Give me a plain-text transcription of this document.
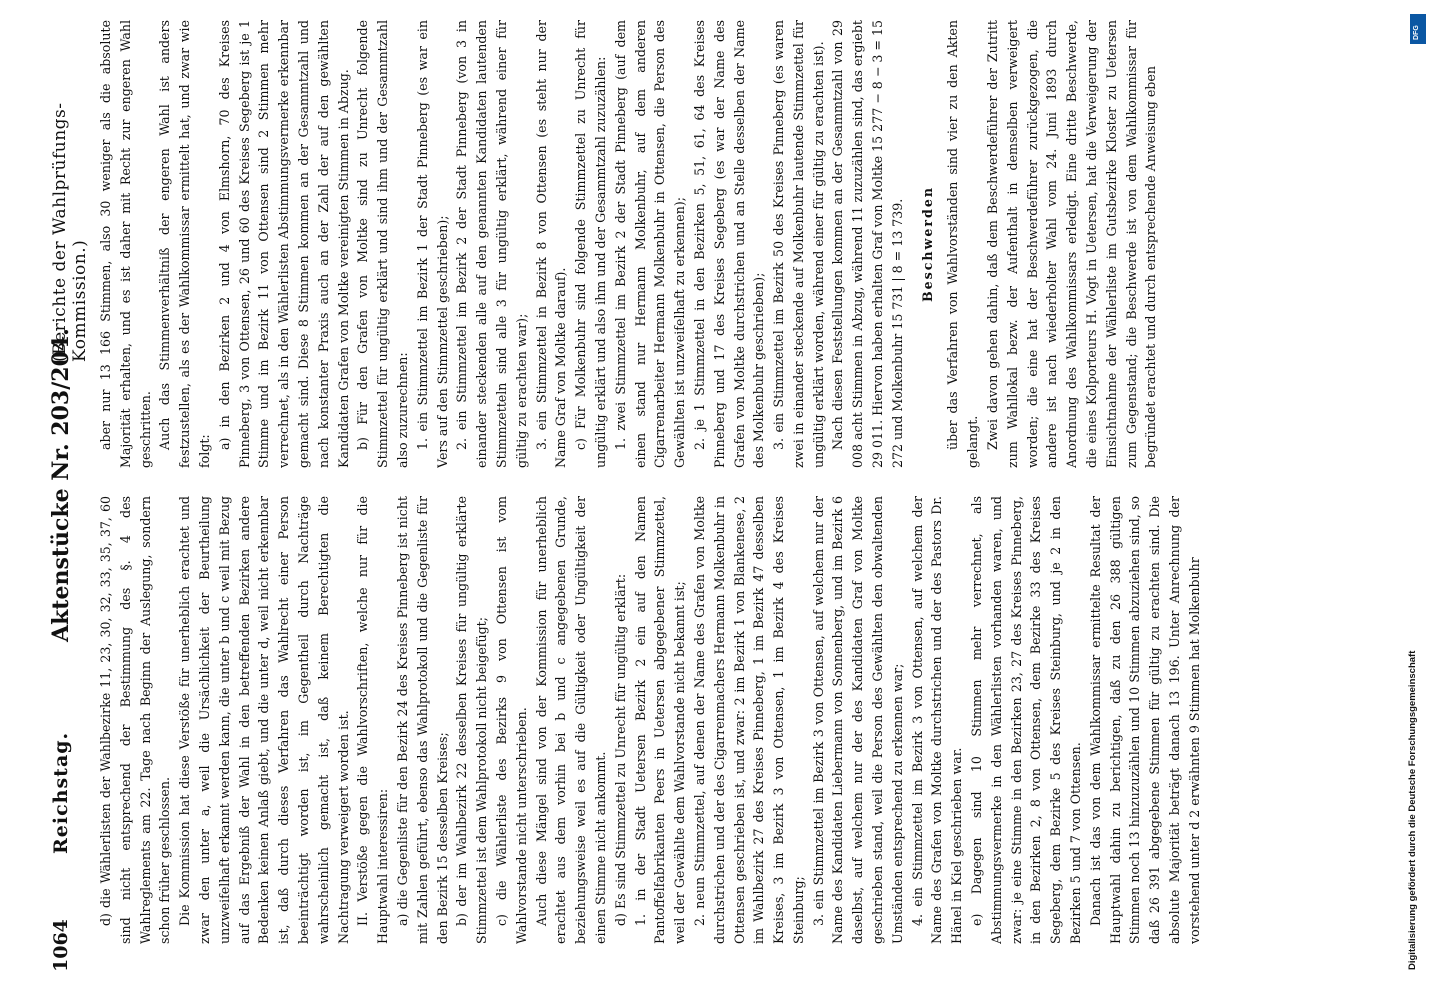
1064
Reichstag.
Aktenstücke Nr. 203/204.
(Berichte der Wahlprüfungs-Kommission.)

d) die Wählerlisten der Wahlbezirke 11, 23, 30, 32, 33, 35, 37, 60 sind nicht entsprechend der Bestimmung des §. 4 des Wahlreglements am 22. Tage nach Beginn der Auslegung, sondern schon früher geschlossen. Die Kommission hat diese Verstöße für unerheblich erachtet und zwar den unter a, weil die Ursächlichkeit der Beurtheilung unzweifelhaft erkannt werden kann, die unter b und c weil mit Bezug auf das Ergebniß der Wahl in den betreffenden Bezirken andere Bedenken keinen Anlaß giebt, und die unter d, weil nicht erkennbar ist, daß durch dieses Verfahren das Wahlrecht einer Person beeinträchtigt worden ist, im Gegentheil durch Nachträge wahrscheinlich gemacht ist, daß keinem Berechtigten die Nachtragung verweigert worden ist. II. Verstöße gegen die Wahlvorschriften, welche nur für die Hauptwahl interessiren: a) die Gegenliste für den Bezirk 24 des Kreises Pinneberg ist nicht mit Zahlen geführt, ebenso das Wahlprotokoll und die Gegenliste für den Bezirk 15 desselben Kreises; b) der im Wahlbezirk 22 desselben Kreises für ungültig erklärte Stimmzettel ist dem Wahlprotokoll nicht beigefügt; c) die Wählerliste des Bezirks 9 von Ottensen ist vom Wahlvorstande nicht unterschrieben. Auch diese Mängel sind von der Kommission für unerheblich erachtet aus dem vorhin bei b und c angegebenen Grunde, beziehungsweise weil es auf die Gültigkeit oder Ungültigkeit der einen Stimme nicht ankommt. d) Es sind Stimmzettel zu Unrecht für ungültig erklärt: 1. in der Stadt Uetersen Bezirk 2 ein auf den Namen Pantoffelfabrikanten Peers in Uetersen abgegebener Stimmzettel, weil der Gewählte dem Wahlvorstande nicht bekannt ist; 2. neun Stimmzettel, auf denen der Name des Grafen von Moltke durchstrichen und der des Cigarrenmachers Hermann Molkenbuhr in Ottensen geschrieben ist, und zwar: 2 im Bezirk 1 von Blankenese, 2 im Wahlbezirk 27 des Kreises Pinneberg, 1 im Bezirk 47 desselben Kreises, 3 im Bezirk 3 von Ottensen, 1 im Bezirk 4 des Kreises Steinburg; 3. ein Stimmzettel im Bezirk 3 von Ottensen, auf welchem nur der Name des Kandidaten Liebermann von Sonnenberg, und im Bezirk 6 daselbst, auf welchem nur der des Kandidaten Graf von Moltke geschrieben stand, weil die Person des Gewählten den obwaltenden Umständen entsprechend zu erkennen war; 4. ein Stimmzettel im Bezirk 3 von Ottensen, auf welchem der Name des Grafen von Moltke durchstrichen und der des Pastors Dr. Hänel in Kiel geschrieben war. e) Dagegen sind 10 Stimmen mehr verrechnet, als Abstimmungsvermerke in den Wählerlisten vorhanden waren, und zwar: je eine Stimme in den Bezirken 23, 27 des Kreises Pinneberg, in den Bezirken 2, 8 von Ottensen, dem Bezirke 33 des Kreises Segeberg, dem Bezirke 5 des Kreises Steinburg, und je 2 in den Bezirken 5 und 7 von Ottensen. Danach ist das von dem Wahlkommissar ermittelte Resultat der Hauptwahl dahin zu berichtigen, daß zu den 26 388 gültigen Stimmen noch 13 hinzuzuzählen und 10 Stimmen abzuziehen sind, so daß 26 391 abgegebene Stimmen für gültig zu erachten sind. Die absolute Majorität beträgt danach 13 196. Unter Anrechnung der vorstehend unter d 2 erwähnten 9 Stimmen hat Molkenbuhr

aber nur 13 166 Stimmen, also 30 weniger als die absolute Majorität erhalten, und es ist daher mit Recht zur engeren Wahl geschritten. Auch das Stimmenverhältniß der engeren Wahl ist anders festzustellen, als es der Wahlkommissar ermittelt hat, und zwar wie folgt:

a) in den Bezirken 2 und 4 von Elmshorn, 70 des Kreises Pinneberg, 3 von Ottensen, 26 und 60 des Kreises Segeberg ist je 1 Stimme und im Bezirk 11 von Ottensen sind 2 Stimmen mehr verrechnet, als in den Wählerlisten Abstimmungsvermerke erkennbar gemacht sind. Diese 8 Stimmen kommen an der Gesammtzahl und nach konstanter Praxis auch an der Zahl der auf den gewählten Kandidaten Grafen von Moltke vereinigten Stimmen in Abzug. b) Für den Grafen von Moltke sind zu Unrecht folgende Stimmzettel für ungültig erklärt und sind ihm und der Gesammtzahl also zuzurechnen: 1. ein Stimmzettel im Bezirk 1 der Stadt Pinneberg (es war ein Vers auf den Stimmzettel geschrieben); 2. ein Stimmzettel im Bezirk 2 der Stadt Pinneberg (von 3 in einander steckenden alle auf den genannten Kandidaten lautenden Stimmzetteln sind alle 3 für ungültig erklärt, während einer für gültig zu erachten war); 3. ein Stimmzettel in Bezirk 8 von Ottensen (es steht nur der Name Graf von Moltke darauf). c) Für Molkenbuhr sind folgende Stimmzettel zu Unrecht für ungültig erklärt und also ihm und der Gesammtzahl zuzuzählen: 1. zwei Stimmzettel im Bezirk 2 der Stadt Pinneberg (auf dem einen stand nur Hermann Molkenbuhr, auf dem anderen Cigarrenarbeiter Hermann Molkenbuhr in Ottensen, die Person des Gewählten ist unzweifelhaft zu erkennen); 2. je 1 Stimmzettel in den Bezirken 5, 51, 61, 64 des Kreises Pinneberg und 17 des Kreises Segeberg (es war der Name des Grafen von Moltke durchstrichen und an Stelle desselben der Name des Molkenbuhr geschrieben); 3. ein Stimmzettel im Bezirk 50 des Kreises Pinneberg (es waren zwei in einander steckende auf Molkenbuhr lautende Stimmzettel für ungültig erklärt worden, während einer für gültig zu erachten ist). Nach diesen Feststellungen kommen an der Gesammtzahl von 29 008 acht Stimmen in Abzug, während 11 zuzuzählen sind, das ergiebt 29 011. Hiervon haben erhalten Graf von Moltke 15 277 − 8 − 3 = 15 272 und Molkenbuhr 15 731 | 8 = 13 739. Beschwerden über das Verfahren von Wahlvorständen sind vier zu den Akten gelangt. Zwei davon gehen dahin, daß dem Beschwerdeführer der Zutritt zum Wahllokal bezw. der Aufenthalt in demselben verweigert worden; die eine hat der Beschwerdeführer zurückgezogen, die andere ist nach wiederholter Wahl vom 24. Juni 1893 durch Anordnung des Wahlkommissars erledigt. Eine dritte Beschwerde, die eines Kolporteurs H. Vogt in Uetersen, hat die Verweigerung der Einsichtnahme der Wählerliste im Gutsbezirke Kloster zu Uetersen zum Gegenstand; die Beschwerde ist von dem Wahlkommissar für begründet erachtet und durch entsprechende Anweisung eben

Digitalisierung gefördert durch die Deutsche Forschungsgemeinschaft
DFG
